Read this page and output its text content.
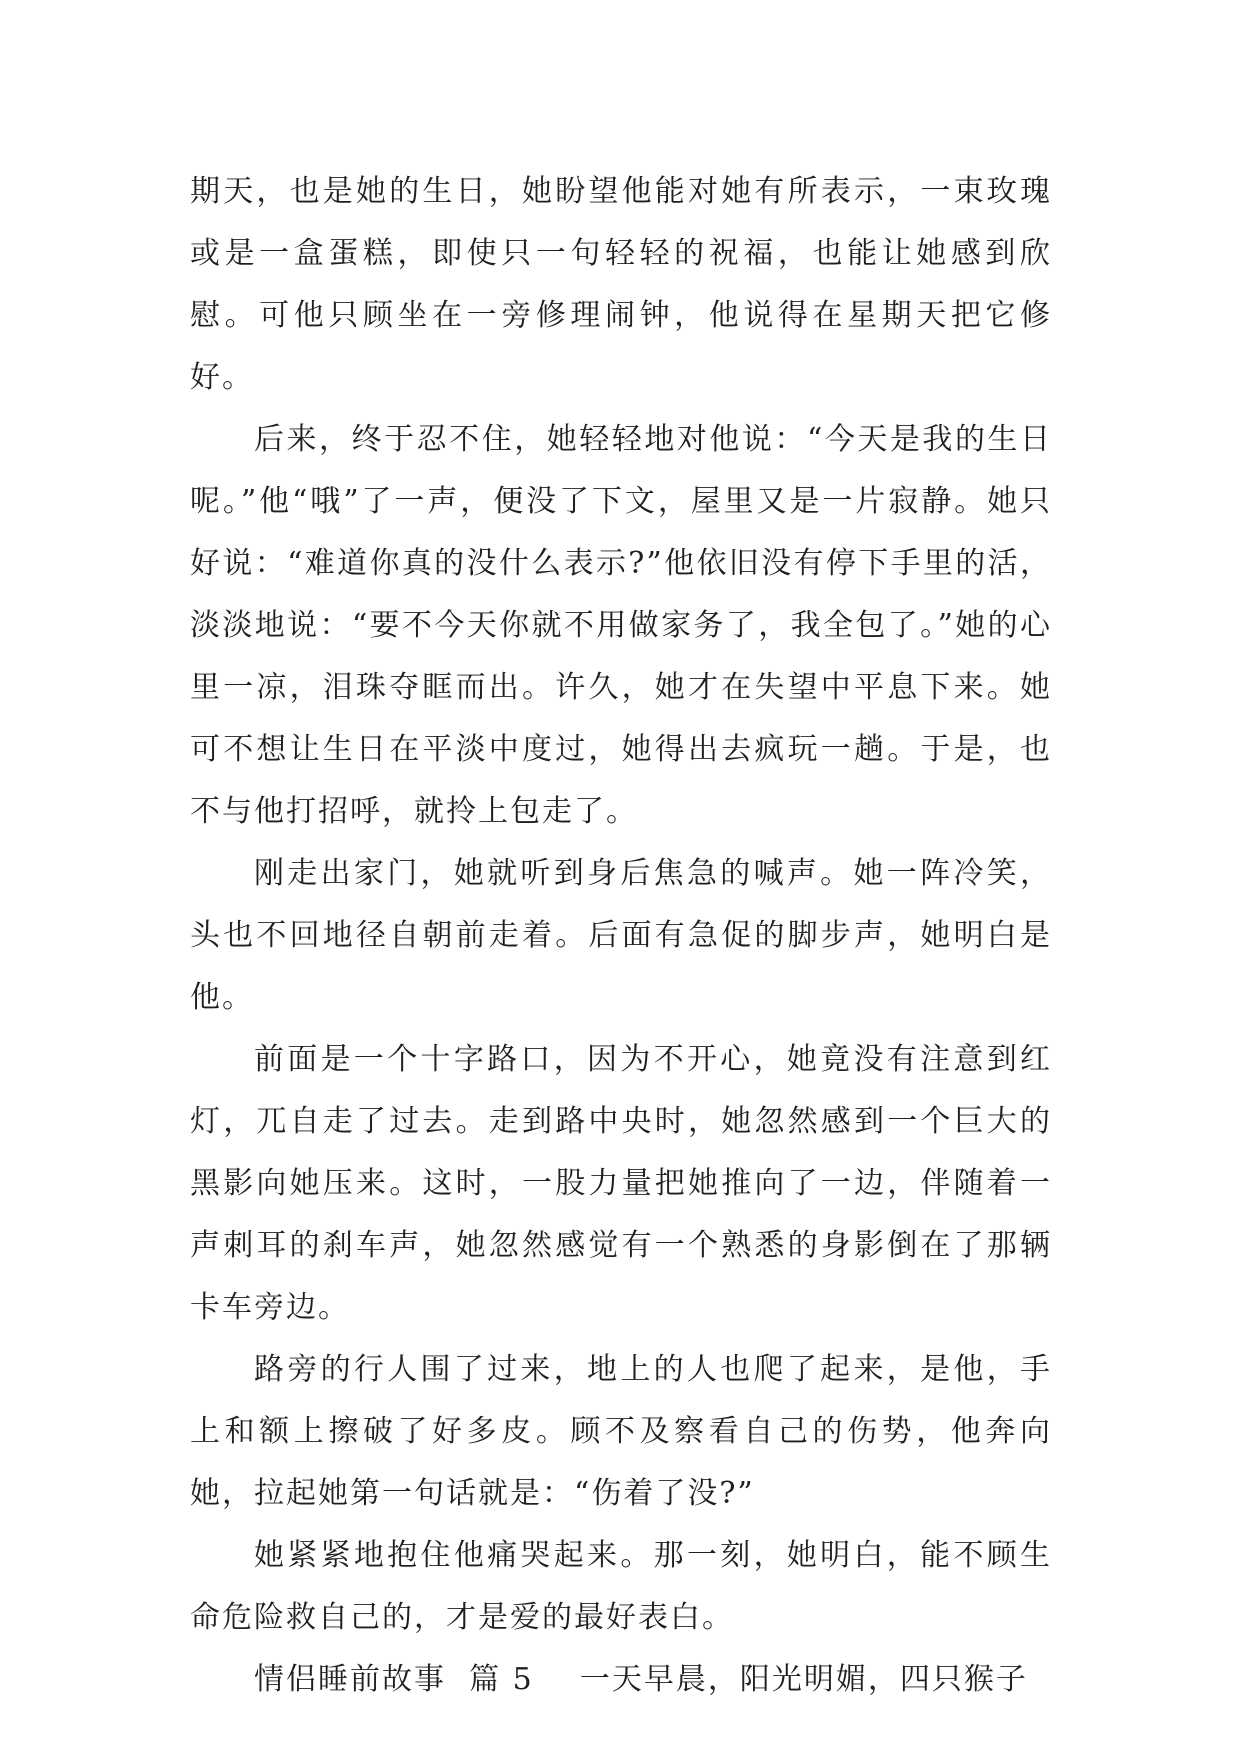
期天，也是她的生日，她盼望他能对她有所表示，一束玫瑰或是一盒蛋糕，即使只一句轻轻的祝福，也能让她感到欣慰。可他只顾坐在一旁修理闹钟，他说得在星期天把它修好。

后来，终于忍不住，她轻轻地对他说：“今天是我的生日呢。”他“哦”了一声，便没了下文，屋里又是一片寂静。她只好说：“难道你真的没什么表示?”他依旧没有停下手里的活，淡淡地说：“要不今天你就不用做家务了，我全包了。”她的心里一凉，泪珠夺眶而出。许久，她才在失望中平息下来。她可不想让生日在平淡中度过，她得出去疯玩一趟。于是，也不与他打招呼，就拎上包走了。

刚走出家门，她就听到身后焦急的喊声。她一阵冷笑，头也不回地径自朝前走着。后面有急促的脚步声，她明白是他。

前面是一个十字路口，因为不开心，她竟没有注意到红灯，兀自走了过去。走到路中央时，她忽然感到一个巨大的黑影向她压来。这时，一股力量把她推向了一边，伴随着一声刺耳的刹车声，她忽然感觉有一个熟悉的身影倒在了那辆卡车旁边。

路旁的行人围了过来，地上的人也爬了起来，是他，手上和额上擦破了好多皮。顾不及察看自己的伤势，他奔向她，拉起她第一句话就是：“伤着了没?”

她紧紧地抱住他痛哭起来。那一刻，她明白，能不顾生命危险救自己的，才是爱的最好表白。

情侣睡前故事  篇 5    一天早晨，阳光明媚，四只猴子
